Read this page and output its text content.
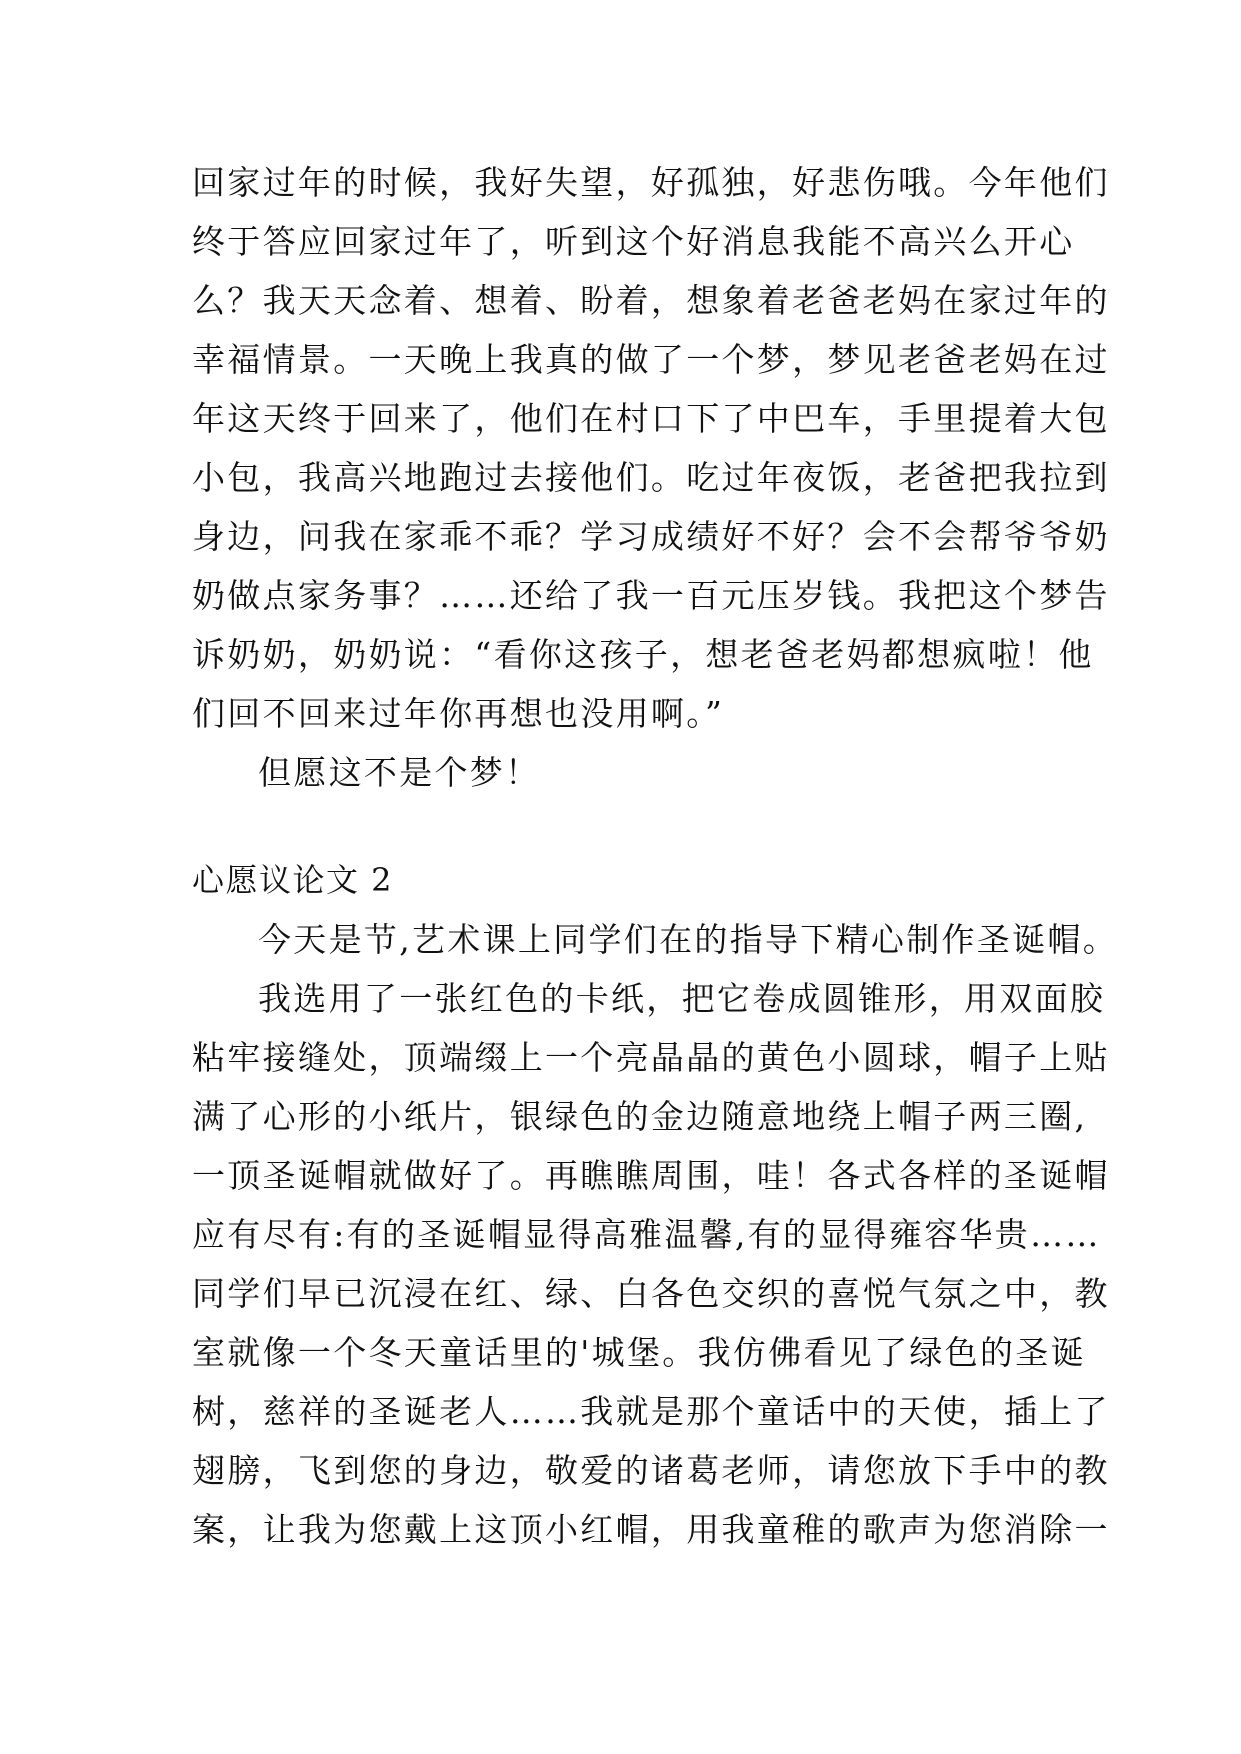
回家过年的时候，我好失望，好孤独，好悲伤哦。今年他们
终于答应回家过年了，听到这个好消息我能不高兴么开心
么？我天天念着、想着、盼着，想象着老爸老妈在家过年的
幸福情景。一天晚上我真的做了一个梦，梦见老爸老妈在过
年这天终于回来了，他们在村口下了中巴车，手里提着大包
小包，我高兴地跑过去接他们。吃过年夜饭，老爸把我拉到
身边，问我在家乖不乖？学习成绩好不好？会不会帮爷爷奶
奶做点家务事？……还给了我一百元压岁钱。我把这个梦告
诉奶奶，奶奶说：“看你这孩子，想老爸老妈都想疯啦！他
们回不回来过年你再想也没用啊。”
但愿这不是个梦！
心愿议论文 2
今天是节,艺术课上同学们在的指导下精心制作圣诞帽。
我选用了一张红色的卡纸，把它卷成圆锥形，用双面胶
粘牢接缝处，顶端缀上一个亮晶晶的黄色小圆球，帽子上贴
满了心形的小纸片，银绿色的金边随意地绕上帽子两三圈,
一顶圣诞帽就做好了。再瞧瞧周围，哇！各式各样的圣诞帽
应有尽有:有的圣诞帽显得高雅温馨,有的显得雍容华贵……
同学们早已沉浸在红、绿、白各色交织的喜悦气氛之中，教
室就像一个冬天童话里的'城堡。我仿佛看见了绿色的圣诞
树，慈祥的圣诞老人……我就是那个童话中的天使，插上了
翅膀，飞到您的身边，敬爱的诸葛老师，请您放下手中的教
案，让我为您戴上这顶小红帽，用我童稚的歌声为您消除一
